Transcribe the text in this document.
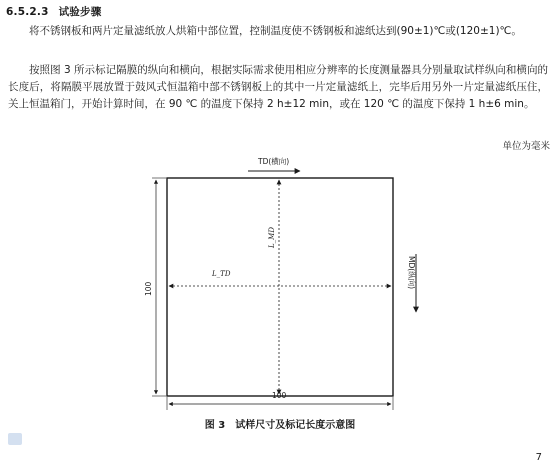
6.5.2.3 试验步骤
将不锈钢板和两片定量滤纸放人烘箱中部位置，控制温度使不锈钢板和滤纸达到(90±1)℃或(120±1)℃。
按照图 3 所示标记隔膜的纵向和横向，根据实际需求使用相应分辨率的长度测量器具分别量取试样纵向和横向的长度后，将隔膜平展放置于鼓风式恒温箱中部不锈钢板上的其中一片定量滤纸上，完毕后用另外一片定量滤纸压住，关上恒温箱门，开始计算时间，在 90 ℃ 的温度下保持 2 h±12 min，或在 120 ℃ 的温度下保持 1 h±6 min。
单位为毫米
TD(横向)
L_MD
L_TD
100
100
MD(纵向)
图 3 试样尺寸及标记长度示意图
7
